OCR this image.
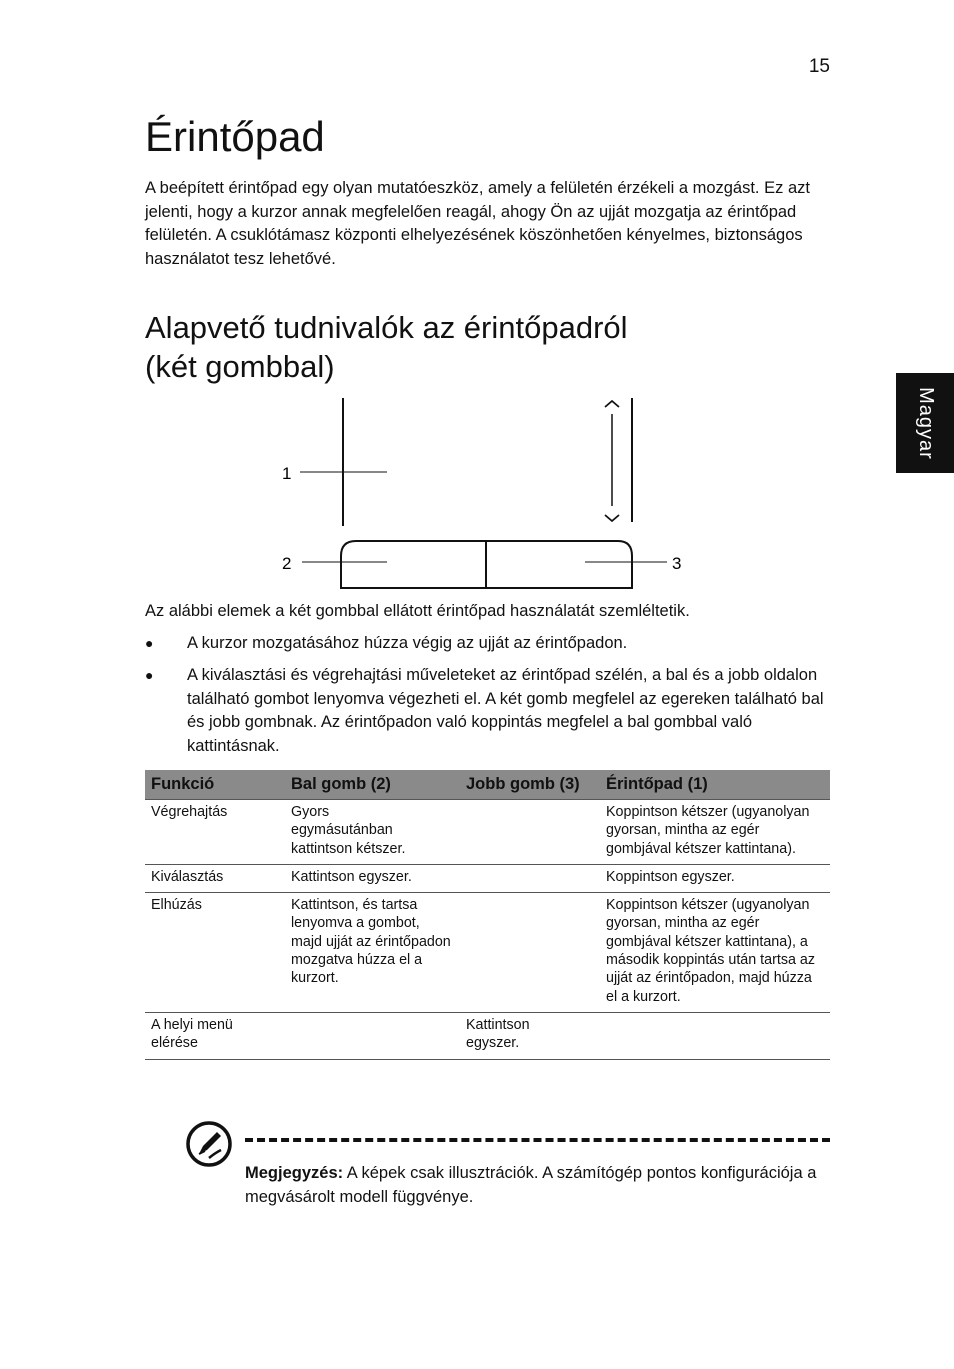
15
Magyar
Érintőpad

A beépített érintőpad egy olyan mutatóeszköz, amely a felületén érzékeli a mozgást. Ez azt jelenti, hogy a kurzor annak megfelelően reagál, ahogy Ön az ujját mozgatja az érintőpad felületén. A csuklótámasz központi elhelyezésének köszönhetően kényelmes, biztonságos használatot tesz lehetővé.

Alapvető tudnivalók az érintőpadról
(két gombbal)
1
2	3

Az alábbi elemek a két gombbal ellátott érintőpad használatát szemléltetik.

● A kurzor mozgatásához húzza végig az ujját az érintőpadon.
● A kiválasztási és végrehajtási műveleteket az érintőpad szélén, a bal és a jobb oldalon található gombot lenyomva végezheti el. A két gomb megfelel az egereken található bal és jobb gombnak. Az érintőpadon való koppintás megfelel a bal gombbal való kattintásnak.
Funkció	Bal gomb (2)	Jobb gomb (3)	Érintőpad (1)
Végrehajtás	Gyors egymásutánban kattintson kétszer.		Koppintson kétszer (ugyanolyan gyorsan, mintha az egér gombjával kétszer kattintana).
Kiválasztás	Kattintson egyszer.		Koppintson egyszer.
Elhúzás	Kattintson, és tartsa lenyomva a gombot, majd ujját az érintőpadon mozgatva húzza el a kurzort.		Koppintson kétszer (ugyanolyan gyorsan, mintha az egér gombjával kétszer kattintana), a második koppintás után tartsa az ujját az érintőpadon, majd húzza el a kurzort.
A helyi menü elérése		Kattintson egyszer.	

Megjegyzés: A képek csak illusztrációk. A számítógép pontos konfigurációja a megvásárolt modell függvénye.
